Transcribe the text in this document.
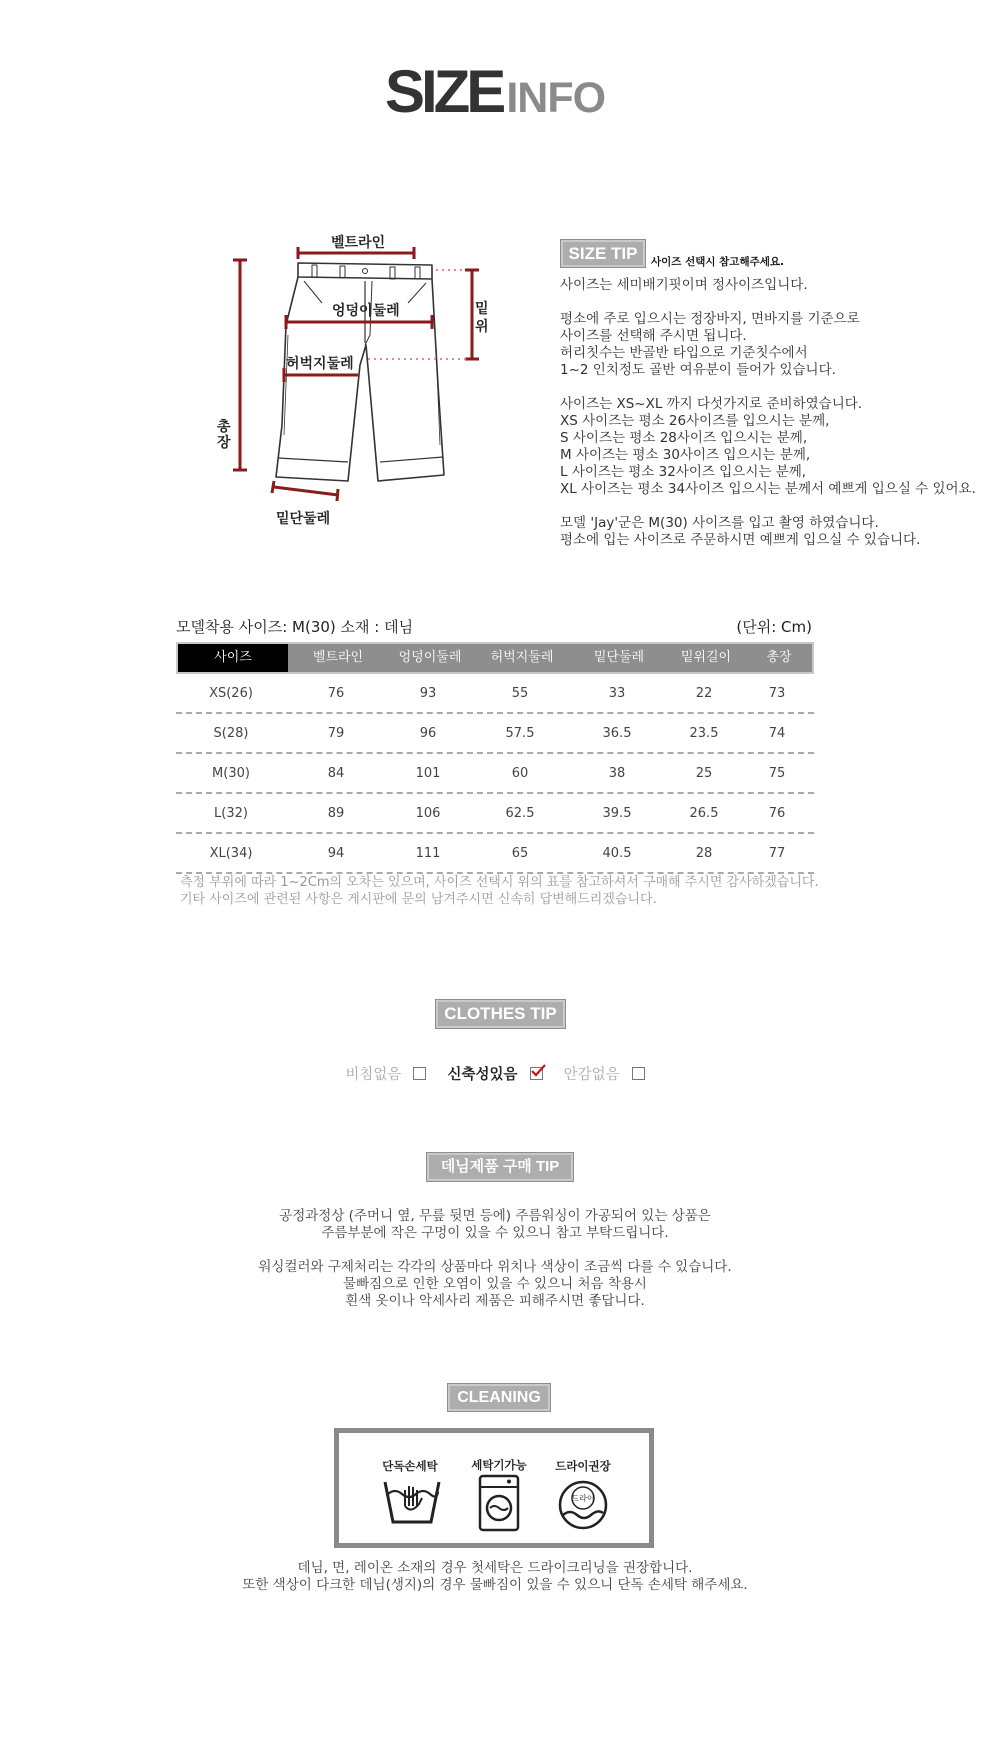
SIZEINFO
벨트라인
엉덩이둘레
허벅지둘레
밑
위
총
장
밑단둘레
SIZE TIP	사이즈 선택시 참고해주세요.
사이즈는 세미배기핏이며 정사이즈입니다.

평소에 주로 입으시는 정장바지, 면바지를 기준으로
사이즈를 선택해 주시면 됩니다.
허리칫수는 반골반 타입으로 기준칫수에서
1~2 인치정도 골반 여유분이 들어가 있습니다.

사이즈는 XS~XL 까지 다섯가지로 준비하였습니다.
XS 사이즈는 평소 26사이즈를 입으시는 분께,
S 사이즈는 평소 28사이즈 입으시는 분께,
M 사이즈는 평소 30사이즈 입으시는 분께,
L 사이즈는 평소 32사이즈 입으시는 분께,
XL 사이즈는 평소 34사이즈 입으시는 분께서 예쁘게 입으실 수 있어요.

모델 'Jay'군은 M(30) 사이즈를 입고 촬영 하였습니다.
평소에 입는 사이즈로 주문하시면 예쁘게 입으실 수 있습니다.
모델착용 사이즈: M(30) 소재 : 데님	(단위: Cm)
사이즈	벨트라인	엉덩이둘레	허벅지둘레	밑단둘레	밑위길이	총장
XS(26)	76	93	55	33	22	73
S(28)	79	96	57.5	36.5	23.5	74
M(30)	84	101	60	38	25	75
L(32)	89	106	62.5	39.5	26.5	76
XL(34)	94	111	65	40.5	28	77
측정 부위에 따라 1~2Cm의 오차는 있으며, 사이즈 선택시 위의 표를 참고하셔서 구매해 주시면 감사하겠습니다.
기타 사이즈에 관련된 사항은 게시판에 문의 남겨주시면 신속히 답변해드리겠습니다.
CLOTHES TIP
비침없음
	신축성있음
	안감없음
데님제품 구매 TIP
공정과정상 (주머니 옆, 무릎 뒷면 등에) 주름워싱이 가공되어 있는 상품은
주름부분에 작은 구멍이 있을 수 있으니 참고 부탁드립니다.
워싱컬러와 구제처리는 각각의 상품마다 위치나 색상이 조금씩 다를 수 있습니다.
물빠짐으로 인한 오염이 있을 수 있으니 처음 착용시
흰색 옷이나 악세사리 제품은 피해주시면 좋답니다.
CLEANING
단독손세탁	세탁기가능	드라이권장
드라이
데님, 면, 레이온 소재의 경우 첫세탁은 드라이크리닝을 권장합니다.
또한 색상이 다크한 데님(생지)의 경우 물빠짐이 있을 수 있으니 단독 손세탁 해주세요.
